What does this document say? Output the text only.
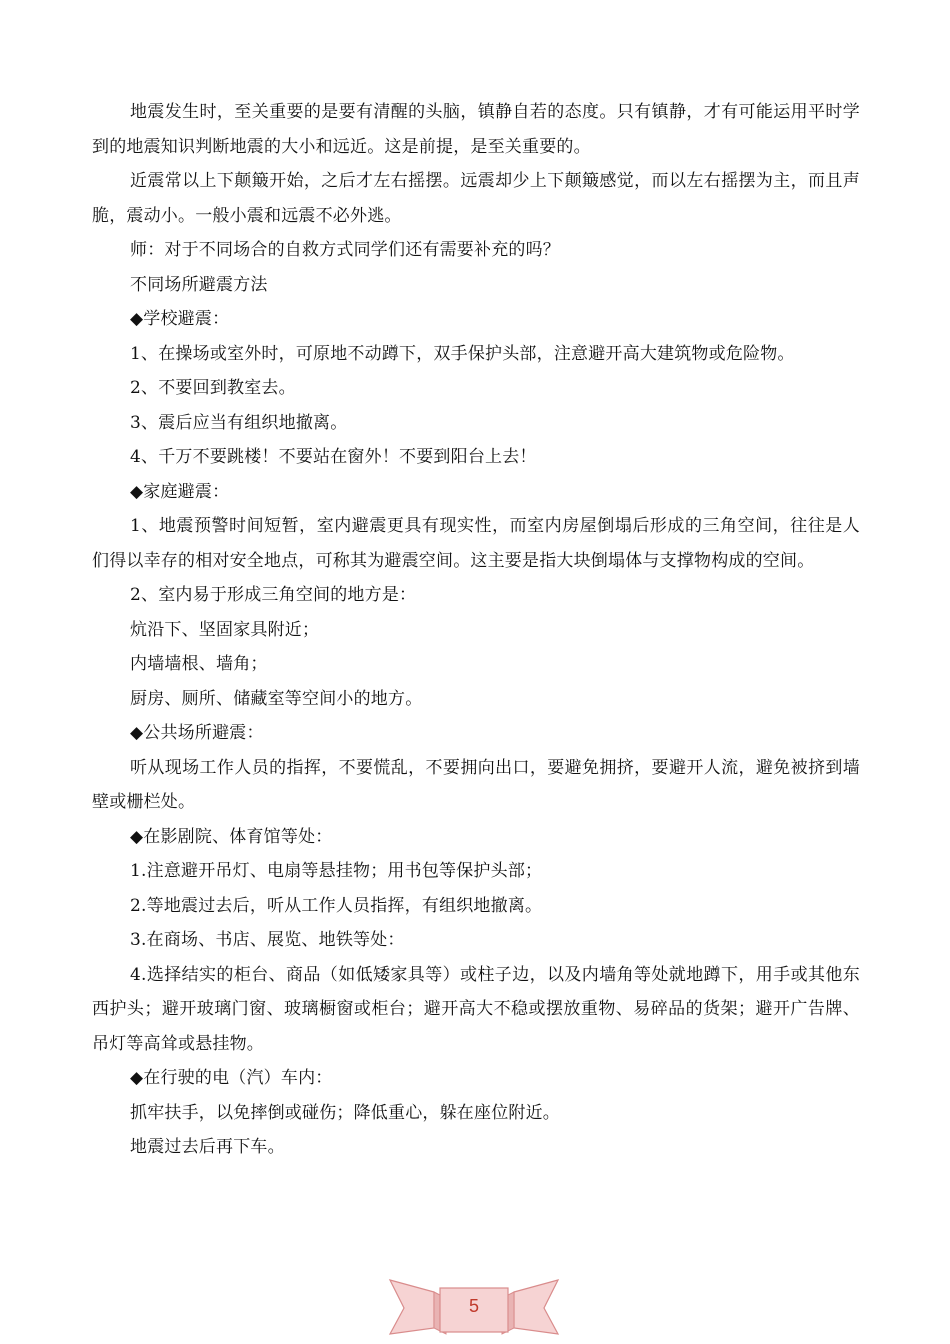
地震发生时，至关重要的是要有清醒的头脑，镇静自若的态度。只有镇静，才有可能运用平时学到的地震知识判断地震的大小和远近。这是前提，是至关重要的。

近震常以上下颠簸开始，之后才左右摇摆。远震却少上下颠簸感觉，而以左右摇摆为主，而且声脆，震动小。一般小震和远震不必外逃。

师：对于不同场合的自救方式同学们还有需要补充的吗？

不同场所避震方法

◆学校避震：

1、在操场或室外时，可原地不动蹲下，双手保护头部，注意避开高大建筑物或危险物。

2、不要回到教室去。

3、震后应当有组织地撤离。

4、千万不要跳楼！不要站在窗外！不要到阳台上去！

◆家庭避震：

1、地震预警时间短暂，室内避震更具有现实性，而室内房屋倒塌后形成的三角空间，往往是人们得以幸存的相对安全地点，可称其为避震空间。这主要是指大块倒塌体与支撑物构成的空间。

2、室内易于形成三角空间的地方是：

炕沿下、坚固家具附近；

内墙墙根、墙角；

厨房、厕所、储藏室等空间小的地方。

◆公共场所避震：

听从现场工作人员的指挥，不要慌乱，不要拥向出口，要避免拥挤，要避开人流，避免被挤到墙壁或栅栏处。

◆在影剧院、体育馆等处：

1.注意避开吊灯、电扇等悬挂物；用书包等保护头部；

2.等地震过去后，听从工作人员指挥，有组织地撤离。

3.在商场、书店、展览、地铁等处：

4.选择结实的柜台、商品（如低矮家具等）或柱子边，以及内墙角等处就地蹲下，用手或其他东西护头；避开玻璃门窗、玻璃橱窗或柜台；避开高大不稳或摆放重物、易碎品的货架；避开广告牌、吊灯等高耸或悬挂物。

◆在行驶的电（汽）车内：

抓牢扶手，以免摔倒或碰伤；降低重心，躲在座位附近。

地震过去后再下车。

5
